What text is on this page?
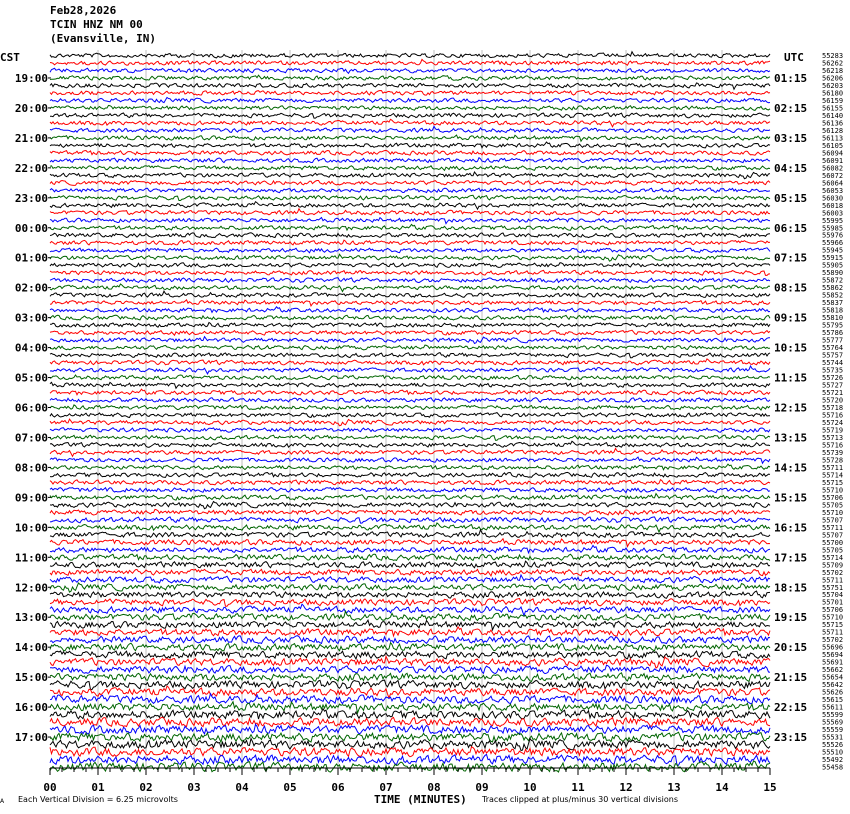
55283
56262
56218
56206
56203
56180
56159
56155
56140
56136
56128
56113
56105
56094
56091
56082
56072
56064
56053
56030
56018
56003
55995
55985
55976
55966
55945
55915
55905
55890
55872
55862
55852
55837
55818
55810
55795
55786
55777
55764
55757
55744
55735
55726
55727
55721
55720
55718
55716
55724
55719
55713
55716
55739
55728
55711
55714
55715
55710
55706
55705
55710
55707
55711
55707
55700
55705
55714
55709
55702
55711
55751
55704
55701
55706
55710
55715
55711
55702
55696
55694
55691
55662
55654
55642
55626
55615
55611
55599
55569
55559
55531
55526
55510
55492
55458
19:00
20:00
21:00
22:00
23:00
00:00
01:00
02:00
03:00
04:00
05:00
06:00
07:00
08:00
09:00
10:00
11:00
12:00
13:00
14:00
15:00
16:00
17:00
01:15
02:15
03:15
04:15
05:15
06:15
07:15
08:15
09:15
10:15
11:15
12:15
13:15
14:15
15:15
16:15
17:15
18:15
19:15
20:15
21:15
22:15
23:15
00	01	02	03	04	05	06	07	08	09	10	11	12	13	14	15
Feb28,2026
TCIN HNZ NM 00
(Evansville, IN)
CST	UTC
A Each Vertical Division = 6.25 microvolts	TIME (MINUTES) Traces clipped at plus/minus 30 vertical divisions
